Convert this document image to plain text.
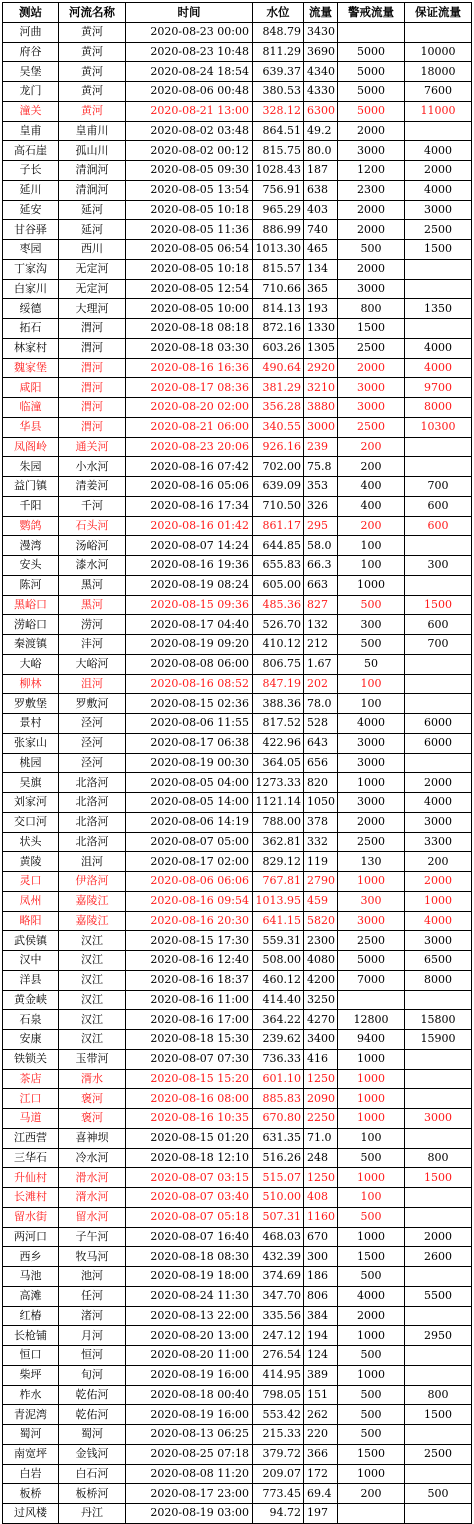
测站	河流名称	时间	水位	流量	警戒流量	保证流量
河曲	黄河	2020-08-23 00:00	848.79	3430		
府谷	黄河	2020-08-23 10:48	811.29	3690	5000	10000
吴堡	黄河	2020-08-24 18:54	639.37	4340	5000	18000
龙门	黄河	2020-08-06 00:48	380.53	4330	5000	7600
潼关	黄河	2020-08-21 13:00	328.12	6300	5000	11000
皇甫	皇甫川	2020-08-02 03:48	864.51	49.2	2000	
高石崖	孤山川	2020-08-02 00:12	815.75	80.0	3000	4000
子长	清涧河	2020-08-05 09:30	1028.43	187	1200	2000
延川	清涧河	2020-08-05 13:54	756.91	638	2300	4000
延安	延河	2020-08-05 10:18	965.29	403	2000	3000
甘谷驿	延河	2020-08-05 11:36	886.99	740	2000	2500
枣园	西川	2020-08-05 06:54	1013.30	465	500	1500
丁家沟	无定河	2020-08-05 10:18	815.57	134	2000	
白家川	无定河	2020-08-05 12:54	710.66	365	3000	
绥德	大理河	2020-08-05 10:00	814.13	193	800	1350
拓石	渭河	2020-08-18 08:18	872.16	1330	1500	
林家村	渭河	2020-08-18 03:30	603.26	1305	2500	4000
魏家堡	渭河	2020-08-16 16:36	490.64	2920	2000	4000
咸阳	渭河	2020-08-17 08:36	381.29	3210	3000	9700
临潼	渭河	2020-08-20 02:00	356.28	3880	3000	8000
华县	渭河	2020-08-21 06:00	340.55	3000	2500	10300
凤阁岭	通关河	2020-08-23 20:06	926.16	239	200	
朱园	小水河	2020-08-16 07:42	702.00	75.8	200	
益门镇	清姜河	2020-08-16 05:06	639.09	353	400	700
千阳	千河	2020-08-16 17:34	710.50	326	400	600
鹦鸽	石头河	2020-08-16 01:42	861.17	295	200	600
漫湾	汤峪河	2020-08-07 14:24	644.85	58.0	100	
安头	漆水河	2020-08-16 19:36	655.83	66.3	100	300
陈河	黑河	2020-08-19 08:24	605.00	663	1000	
黑峪口	黑河	2020-08-15 09:36	485.36	827	500	1500
涝峪口	涝河	2020-08-17 04:40	526.70	132	300	600
秦渡镇	沣河	2020-08-19 09:20	410.12	212	500	700
大峪	大峪河	2020-08-08 06:00	806.75	1.67	50	
柳林	沮河	2020-08-16 08:52	847.19	202	100	
罗敷堡	罗敷河	2020-08-15 02:36	388.36	78.0	100	
景村	泾河	2020-08-06 11:55	817.52	528	4000	6000
张家山	泾河	2020-08-17 06:38	422.96	643	3000	6000
桃园	泾河	2020-08-19 00:30	364.05	656	3000	
吴旗	北洛河	2020-08-05 04:00	1273.33	820	1000	2000
刘家河	北洛河	2020-08-05 14:00	1121.14	1050	3000	4000
交口河	北洛河	2020-08-06 14:19	788.00	378	2000	3000
状头	北洛河	2020-08-07 05:00	362.81	332	2500	3300
黄陵	沮河	2020-08-17 02:00	829.12	119	130	200
灵口	伊洛河	2020-08-06 06:06	767.81	2790	1000	2000
凤州	嘉陵江	2020-08-16 09:54	1013.95	459	300	1000
略阳	嘉陵江	2020-08-16 20:30	641.15	5820	3000	4000
武侯镇	汉江	2020-08-15 17:30	559.31	2300	2500	3000
汉中	汉江	2020-08-16 12:40	508.00	4080	5000	6500
洋县	汉江	2020-08-16 18:37	460.12	4200	7000	8000
黄金峡	汉江	2020-08-16 11:00	414.40	3250		
石泉	汉江	2020-08-16 17:00	364.22	4270	12800	15800
安康	汉江	2020-08-18 15:30	239.62	3400	9400	15900
铁锁关	玉带河	2020-08-07 07:30	736.33	416	1000	
茶店	湑水	2020-08-15 15:20	601.10	1250	1000	
江口	褒河	2020-08-16 08:00	885.83	2090	1000	
马道	褒河	2020-08-16 10:35	670.80	2250	1000	3000
江西营	喜神坝	2020-08-15 01:20	631.35	71.0	100	
三华石	冷水河	2020-08-18 12:10	516.26	248	500	800
升仙村	滑水河	2020-08-07 03:15	515.07	1250	1000	1500
长滩村	湑水河	2020-08-07 03:40	510.00	408	100	
留水街	留水河	2020-08-07 05:18	507.31	1160	500	
两河口	子午河	2020-08-07 16:40	468.03	670	1000	2000
西乡	牧马河	2020-08-18 08:30	432.39	300	1500	2600
马池	池河	2020-08-19 18:00	374.69	186	500	
高滩	任河	2020-08-24 11:30	347.70	806	4000	5500
红椿	渚河	2020-08-13 22:00	335.56	384	2000	
长枪铺	月河	2020-08-20 13:00	247.12	194	1000	2950
恒口	恒河	2020-08-20 11:00	276.54	124	500	
柴坪	旬河	2020-08-19 16:00	414.95	389	1000	
柞水	乾佑河	2020-08-18 00:40	798.05	151	500	800
青泥湾	乾佑河	2020-08-19 16:00	553.42	262	500	1500
蜀河	蜀河	2020-08-13 06:25	215.33	220	500	
南宽坪	金钱河	2020-08-25 07:18	379.72	366	1500	2500
白岩	白石河	2020-08-08 11:20	209.07	172	1000	
板桥	板桥河	2020-08-17 23:00	773.45	69.4	200	500
过风楼	丹江	2020-08-19 03:00	94.72	197		
